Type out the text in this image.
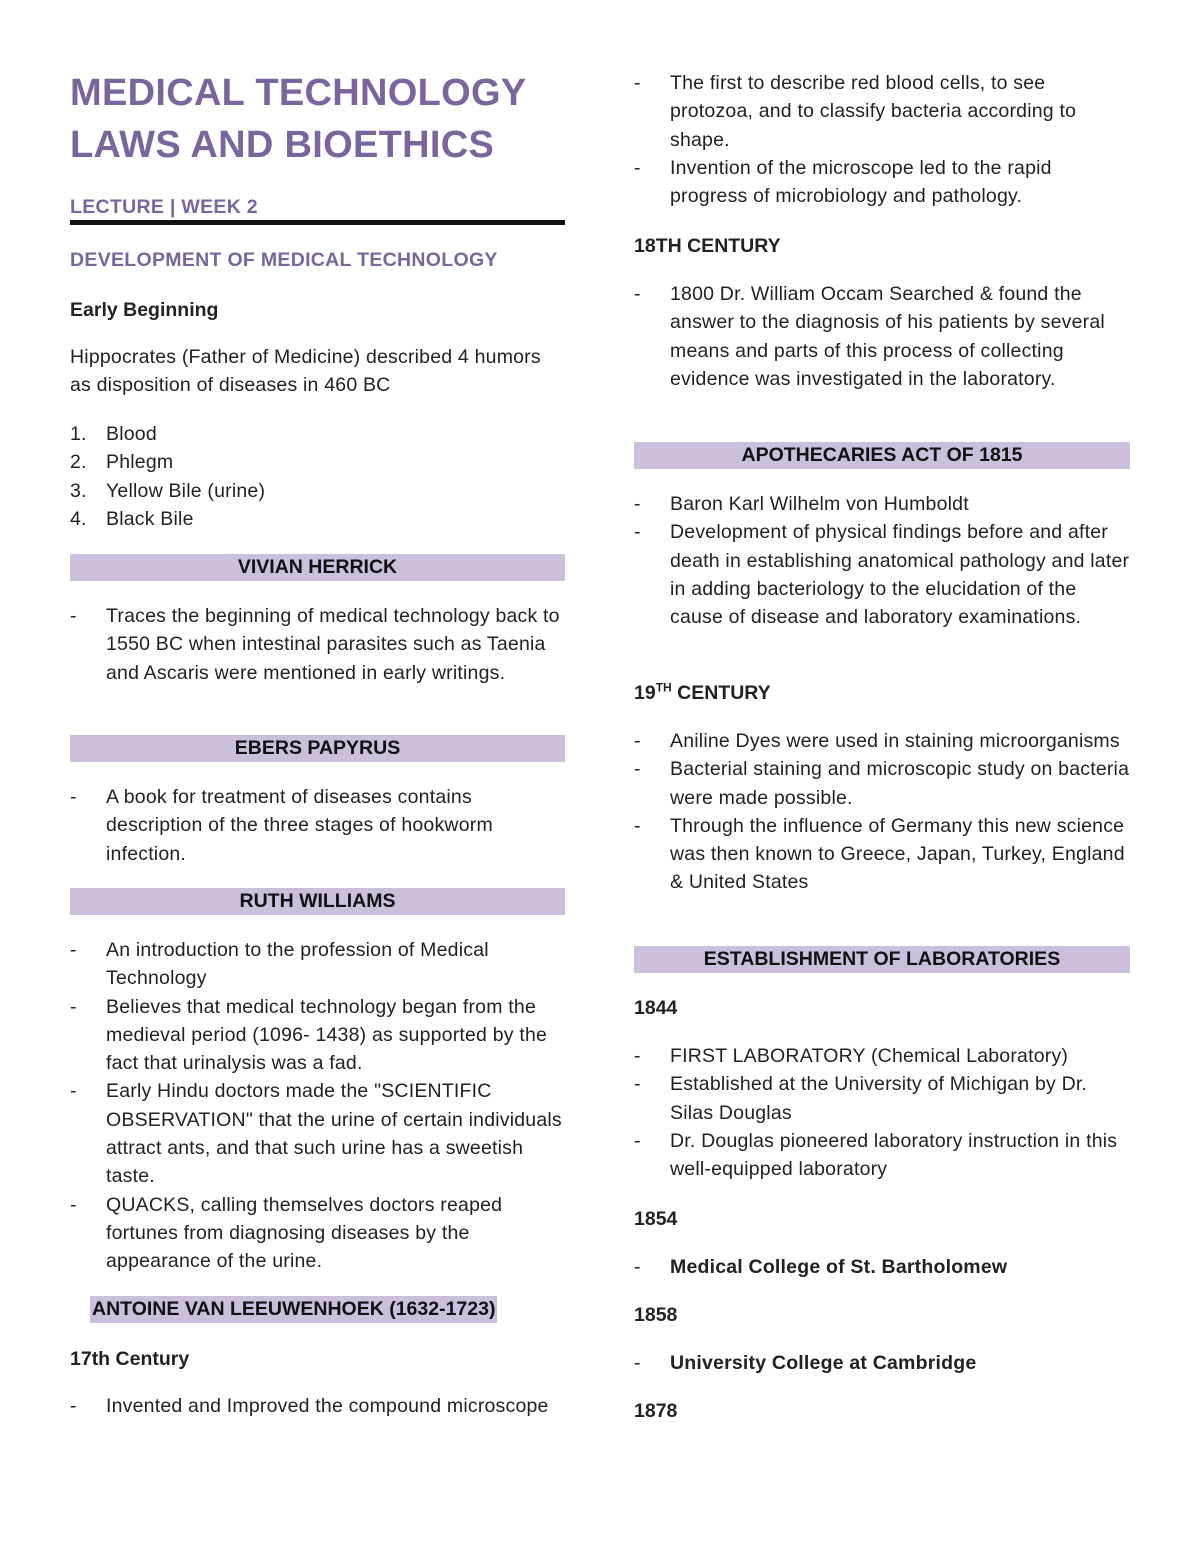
MEDICAL TECHNOLOGY
LAWS AND BIOETHICS
LECTURE | WEEK 2
DEVELOPMENT OF MEDICAL TECHNOLOGY
Early Beginning

Hippocrates (Father of Medicine) described 4 humors as disposition of diseases in 460 BC

1. Blood
2. Phlegm
3. Yellow Bile (urine)
4. Black Bile
VIVIAN HERRICK
- Traces the beginning of medical technology back to 1550 BC when intestinal parasites such as Taenia and Ascaris were mentioned in early writings.
EBERS PAPYRUS
- A book for treatment of diseases contains description of the three stages of hookworm infection.
RUTH WILLIAMS
- An introduction to the profession of Medical Technology
- Believes that medical technology began from the medieval period (1096- 1438) as supported by the fact that urinalysis was a fad.
- Early Hindu doctors made the "SCIENTIFIC OBSERVATION" that the urine of certain individuals attract ants, and that such urine has a sweetish taste.
- QUACKS, calling themselves doctors reaped fortunes from diagnosing diseases by the appearance of the urine.
ANTOINE VAN LEEUWENHOEK (1632-1723)
17th Century
- Invented and Improved the compound microscope
- The first to describe red blood cells, to see protozoa, and to classify bacteria according to shape.
- Invention of the microscope led to the rapid progress of microbiology and pathology.
18TH CENTURY
- 1800 Dr. William Occam Searched & found the answer to the diagnosis of his patients by several means and parts of this process of collecting evidence was investigated in the laboratory.
APOTHECARIES ACT OF 1815
- Baron Karl Wilhelm von Humboldt
- Development of physical findings before and after death in establishing anatomical pathology and later in adding bacteriology to the elucidation of the cause of disease and laboratory examinations.
19TH CENTURY
- Aniline Dyes were used in staining microorganisms
- Bacterial staining and microscopic study on bacteria were made possible.
- Through the influence of Germany this new science was then known to Greece, Japan, Turkey, England & United States
ESTABLISHMENT OF LABORATORIES
1844
- FIRST LABORATORY (Chemical Laboratory)
- Established at the University of Michigan by Dr. Silas Douglas
- Dr. Douglas pioneered laboratory instruction in this well-equipped laboratory
1854
- Medical College of St. Bartholomew
1858
- University College at Cambridge
1878
